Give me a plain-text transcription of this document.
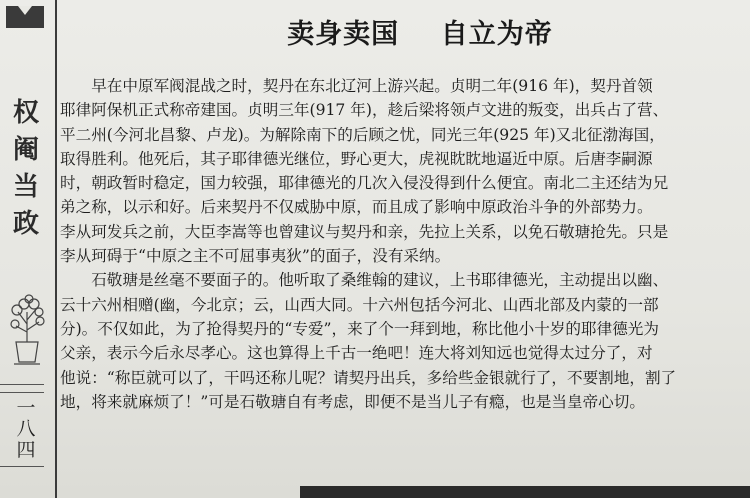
权
阉
当
政
一
八
四
卖身卖国    自立为帝
　　早在中原军阀混战之时，契丹在东北辽河上游兴起。贞明二年(916 年)，契丹首领
耶律阿保机正式称帝建国。贞明三年(917 年)，趁后梁将领卢文进的叛变，出兵占了营、
平二州(今河北昌黎、卢龙)。为解除南下的后顾之忧，同光三年(925 年)又北征渤海国，
取得胜利。他死后，其子耶律德光继位，野心更大，虎视眈眈地逼近中原。后唐李嗣源
时，朝政暂时稳定，国力较强，耶律德光的几次入侵没得到什么便宜。南北二主还结为兄
弟之称，以示和好。后来契丹不仅威胁中原，而且成了影响中原政治斗争的外部势力。
李从珂发兵之前，大臣李嵩等也曾建议与契丹和亲，先拉上关系，以免石敬瑭抢先。只是
李从珂碍于“中原之主不可屈事夷狄”的面子，没有采纳。
　　石敬瑭是丝毫不要面子的。他听取了桑维翰的建议，上书耶律德光，主动提出以幽、
云十六州相赠(幽，今北京；云，山西大同。十六州包括今河北、山西北部及内蒙的一部
分)。不仅如此，为了抢得契丹的“专爱”，来了个一拜到地，称比他小十岁的耶律德光为
父亲，表示今后永尽孝心。这也算得上千古一绝吧！连大将刘知远也觉得太过分了，对
他说：“称臣就可以了，干吗还称儿呢？请契丹出兵，多给些金银就行了，不要割地，割了
地，将来就麻烦了！”可是石敬瑭自有考虑，即便不是当儿子有瘾，也是当皇帝心切。
